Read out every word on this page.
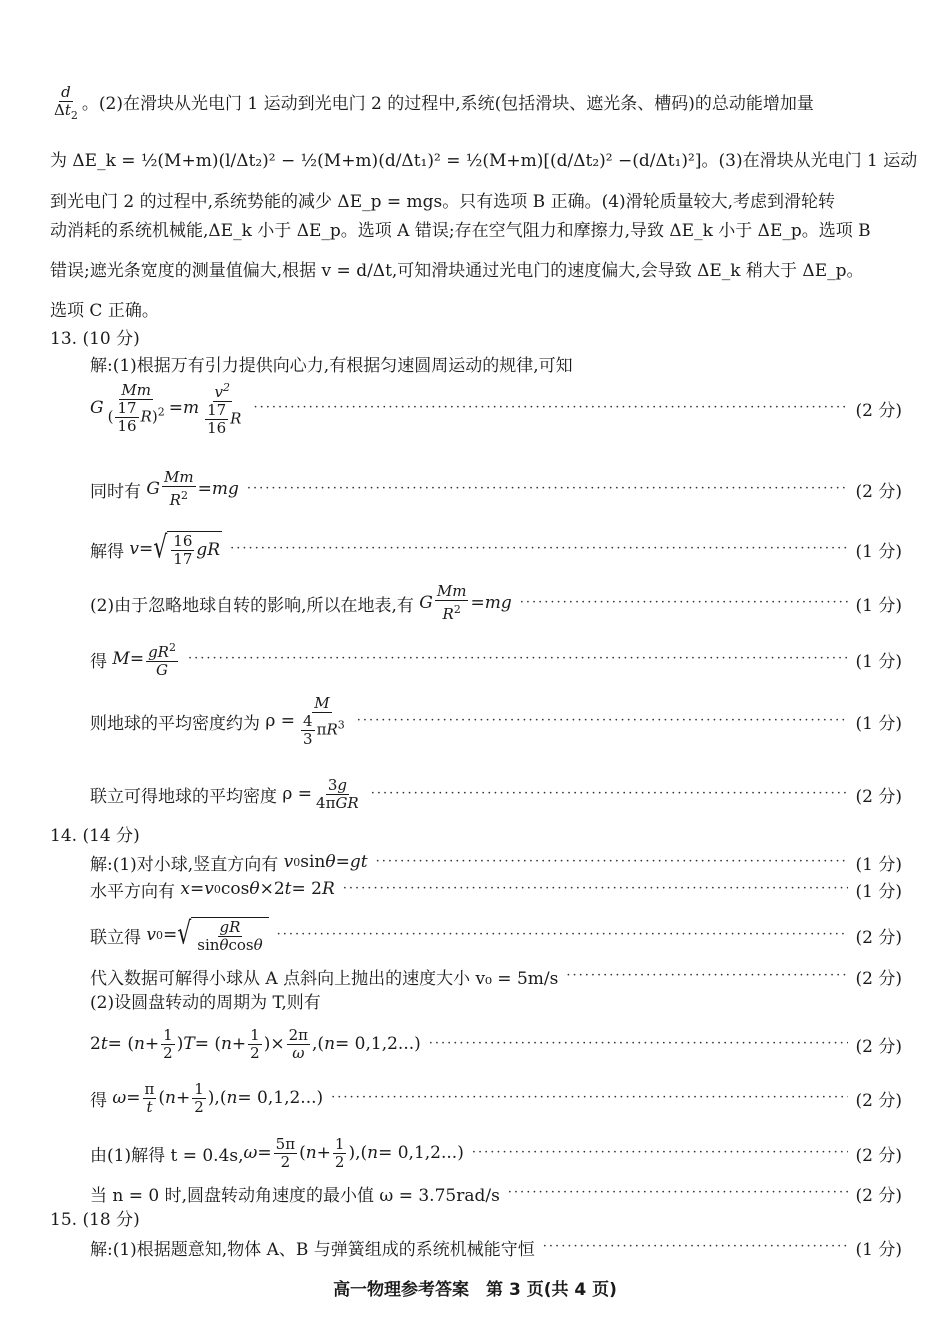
$\frac{d}{\Delta t_2}$ 。(2)在滑块从光电门 1 运动到光电门 2 的过程中,系统(包括滑块、遮光条、槽码)的总动能增加量
为 ΔE_k = ½(M+m)(l/Δt₂)² − ½(M+m)(d/Δt₁)² = ½(M+m)[(d/Δt₂)² −(d/Δt₁)²]。(3)在滑块从光电门 1 运动
到光电门 2 的过程中,系统势能的减少 ΔE_p = mgs。只有选项 B 正确。(4)滑轮质量较大,考虑到滑轮转
动消耗的系统机械能,ΔE_k 小于 ΔE_p。选项 A 错误;存在空气阻力和摩擦力,导致 ΔE_k 小于 ΔE_p。选项 B
错误;遮光条宽度的测量值偏大,根据 v = d/Δt,可知滑块通过光电门的速度偏大,会导致 ΔE_k 稍大于 ΔE_p。
选项 C 正确。
13. (10 分)
解:(1)根据万有引力提供向心力,有根据匀速圆周运动的规律,可知
G $\frac{Mm}{( \frac{17}{16} R)^2} = m \frac{v^2}{\frac{17}{16} R}$ ·····	(2 分)
同时有
G $\frac{Mm}{R^2}$ = mg ·····	(2 分)
解得
v = √ $\frac{16}{17}$ gR ·····	(1 分)
(2)由于忽略地球自转的影响,所以在地表,有
G $\frac{Mm}{R^2}$ = mg ·····	(1 分)
得
$M = \frac{gR^2}{G}$ ·····	(1 分)
则地球的平均密度约为 $\rho = \frac{M}{\frac{4}{3} \pi R^3}$ ·····	(1 分)
联立可得地球的平均密度 $\rho = \frac{3g}{\text{4πGR}}$ ·····	(2 分)
14. (14 分)
解:(1)对小球,竖直方向有
v 0 sin θ = gt ·····	(1 分)
水平方向有
x = v 0 cos θ ×2 t = 2 R ·····	(1 分)
联立得
v 0 = √ $\frac{gR}{\sin\theta\cos\theta}$ ·····	(2 分)
代入数据可解得小球从 A 点斜向上抛出的速度大小 v₀ = 5m/s ·····	(2 分)
(2)设圆盘转动的周期为 T,则有
2 t = ( $n + \frac{1}{2}$ ) T = ( $n + \frac{1}{2}$ )× $\frac{2\pi}{\omega}$ ,( n = 0,1,2...) ·····	(2 分)
得
$\omega = \frac{\pi}{t}$ ( $n + \frac{1}{2}$ ),( n = 0,1,2...) ·····	(2 分)
由(1)解得 t = 0.4s, $\omega = \frac{5\pi}{2}$ ( $n + \frac{1}{2}$ ),( n = 0,1,2...) ·····	(2 分)
当 n = 0 时,圆盘转动角速度的最小值 ω = 3.75rad/s ·····	(2 分)
15. (18 分)
解:(1)根据题意知,物体 A、B 与弹簧组成的系统机械能守恒 ·····	(1 分)
高一物理参考答案　第 3 页(共 4 页)
